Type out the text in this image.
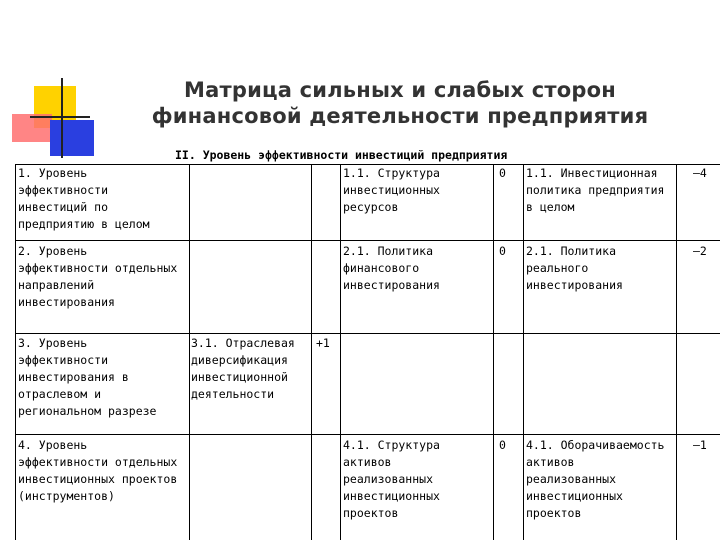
Матрица сильных и слабых сторон
финансовой деятельности предприятия
II. Уровень эффективности инвестиций предприятия
1. Уровень
эффективности
инвестиций по
предприятию в целом
1.1. Структура
инвестиционных
ресурсов
0 1.1. Инвестиционная
политика предприятия
в целом
–4
2. Уровень
эффективности отдельных
направлений
инвестирования
2.1. Политика
финансового
инвестирования
0 2.1. Политика
реального
инвестирования
–2
3. Уровень
эффективности
инвестирования в
отраслевом и
региональном разрезе
3.1. Отраслевая
диверсификация
инвестиционной
деятельности
+1
4. Уровень
эффективности отдельных
инвестиционных проектов
(инструментов)
4.1. Структура
активов
реализованных
инвестиционных
проектов
0 4.1. Оборачиваемость
активов
реализованных
инвестиционных
проектов
–1
